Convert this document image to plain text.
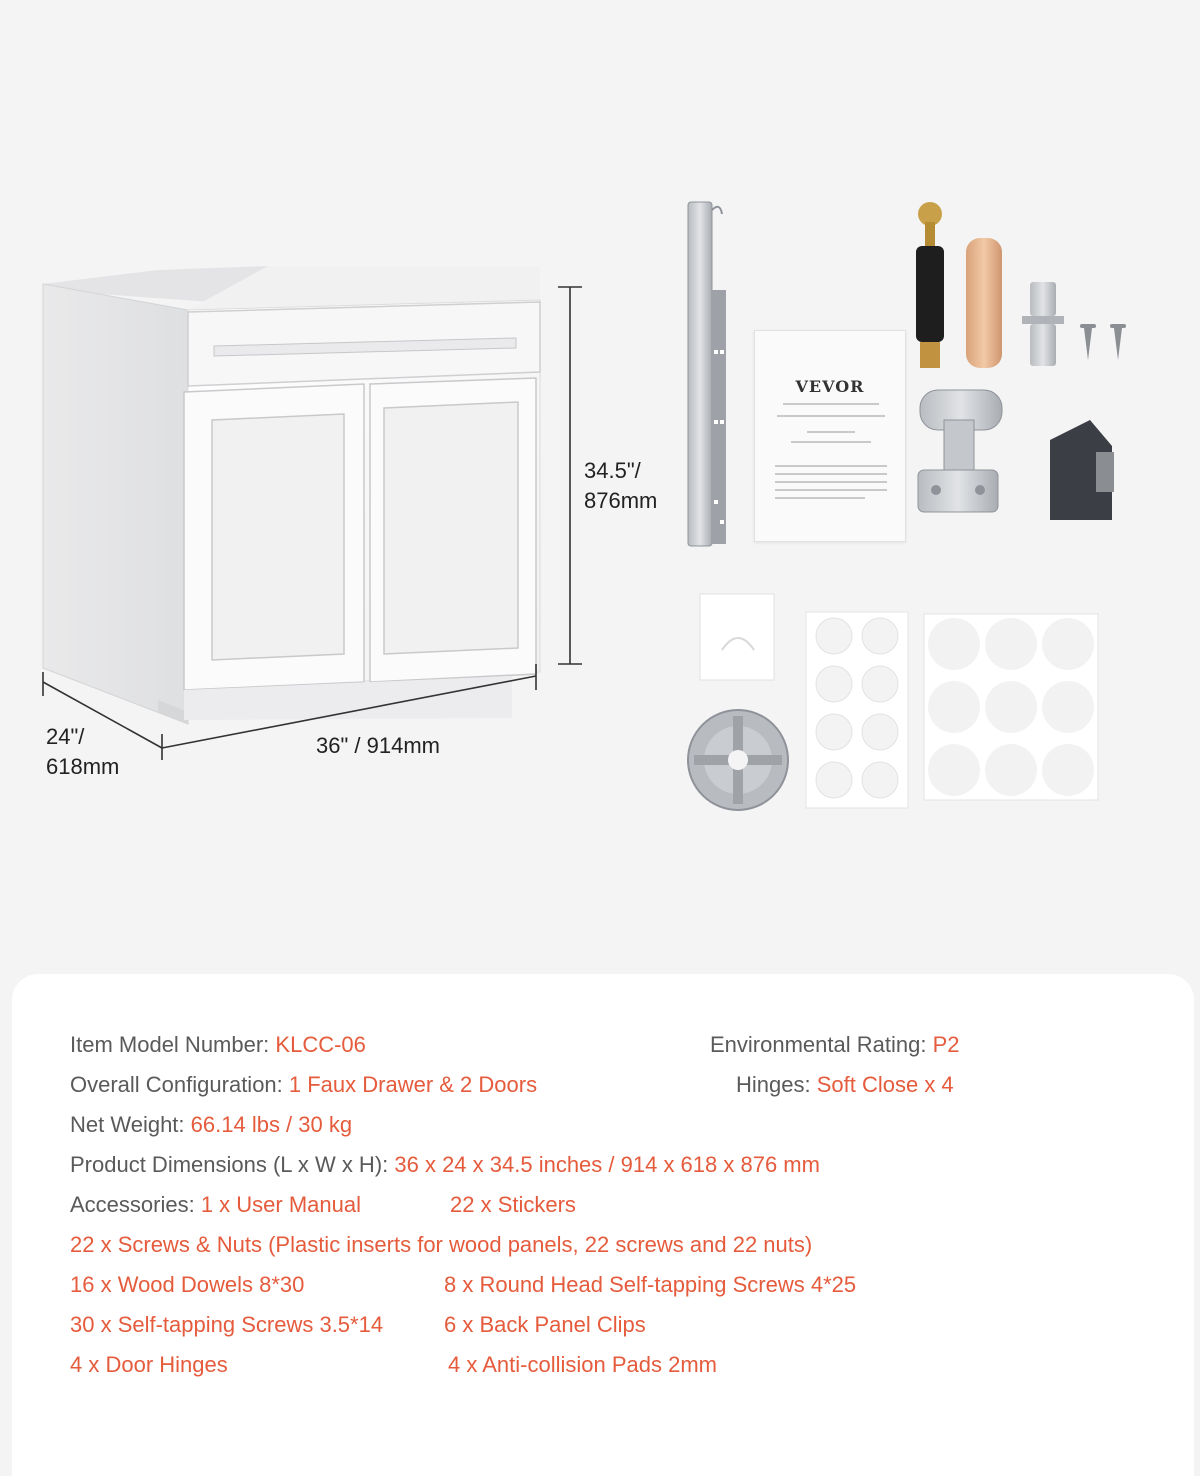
VEVOR
34.5"/
876mm
24"/
618mm
36" / 914mm
Item Model Number: KLCC-06	Environmental Rating: P2
Overall Configuration: 1 Faux Drawer & 2 Doors	Hinges: Soft Close x 4
Net Weight: 66.14 lbs / 30 kg
Product Dimensions (L x W x H): 36 x 24 x 34.5 inches / 914 x 618 x 876 mm
Accessories: 1 x User Manual	22 x Stickers
22 x Screws & Nuts (Plastic inserts for wood panels, 22 screws and 22 nuts)
16 x Wood Dowels 8*30	8 x Round Head Self-tapping Screws 4*25
30 x Self-tapping Screws 3.5*14	6 x Back Panel Clips
4 x Door Hinges	4 x Anti-collision Pads 2mm
